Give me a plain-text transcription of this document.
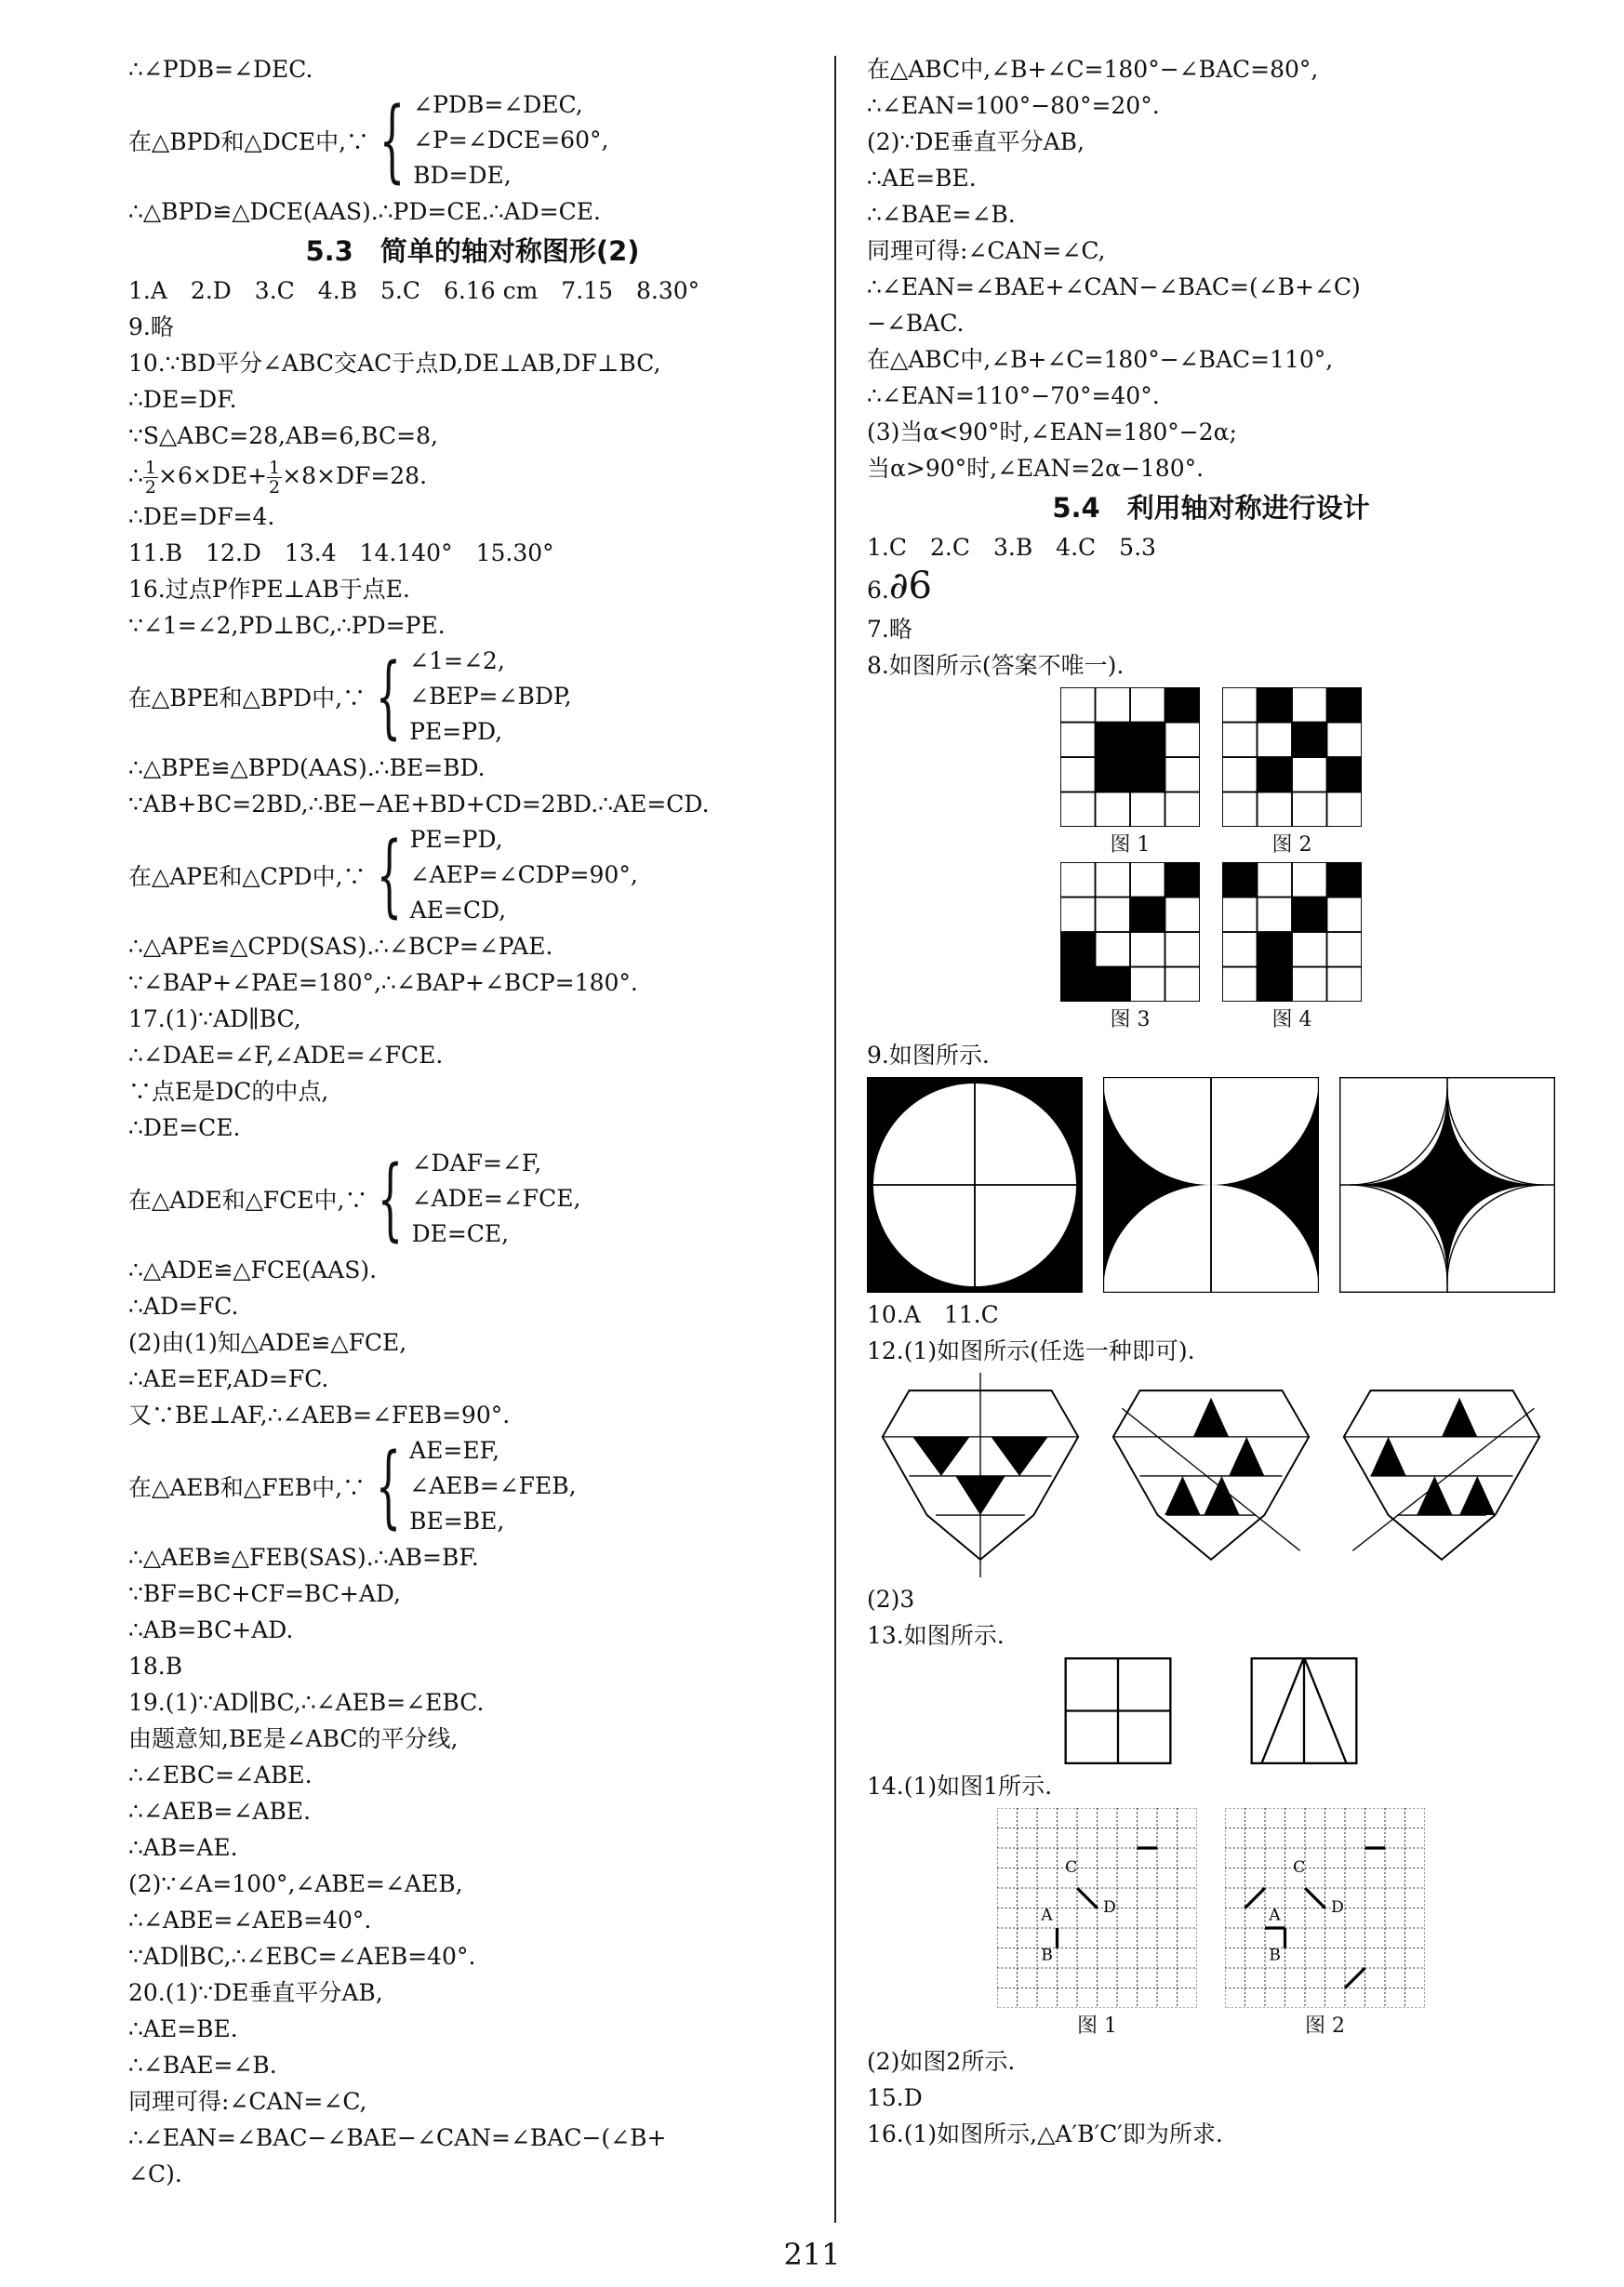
∴∠PDB=∠DEC.
在△BPD和△DCE中,∵ { ∠PDB=∠DEC,
∠P=∠DCE=60°,
BD=DE,
∴△BPD≌△DCE(AAS).∴PD=CE.∴AD=CE.
5.3　简单的轴对称图形(2)
1.A　2.D　3.C　4.B　5.C　6.16 cm　7.15　8.30°
9.略
10.∵BD平分∠ABC交AC于点D,DE⊥AB,DF⊥BC,
∴DE=DF.
∵S△ABC=28,AB=6,BC=8,
∴ $\frac{1}{2} \times 6\times DE+ \frac{1}{2} \times 8\times DF=28$.
∴DE=DF=4.
11.B　12.D　13.4　14.140°　15.30°
16.过点P作PE⊥AB于点E.
∵∠1=∠2,PD⊥BC,∴PD=PE.
在△BPE和△BPD中,∵ { ∠1=∠2,
∠BEP=∠BDP,
PE=PD,
∴△BPE≌△BPD(AAS).∴BE=BD.
∵AB+BC=2BD,∴BE−AE+BD+CD=2BD.∴AE=CD.
在△APE和△CPD中,∵ { PE=PD,
∠AEP=∠CDP=90°,
AE=CD,
∴△APE≌△CPD(SAS).∴∠BCP=∠PAE.
∵∠BAP+∠PAE=180°,∴∠BAP+∠BCP=180°.
17.(1)∵AD∥BC,
∴∠DAE=∠F,∠ADE=∠FCE.
∵点E是DC的中点,
∴DE=CE.
在△ADE和△FCE中,∵ { ∠DAF=∠F,
∠ADE=∠FCE,
DE=CE,
∴△ADE≌△FCE(AAS).
∴AD=FC.
(2)由(1)知△ADE≌△FCE,
∴AE=EF,AD=FC.
又∵BE⊥AF,∴∠AEB=∠FEB=90°.
在△AEB和△FEB中,∵ { AE=EF,
∠AEB=∠FEB,
BE=BE,
∴△AEB≌△FEB(SAS).∴AB=BF.
∵BF=BC+CF=BC+AD,
∴AB=BC+AD.
18.B
19.(1)∵AD∥BC,∴∠AEB=∠EBC.
由题意知,BE是∠ABC的平分线,
∴∠EBC=∠ABE.
∴∠AEB=∠ABE.
∴AB=AE.
(2)∵∠A=100°,∠ABE=∠AEB,
∴∠ABE=∠AEB=40°.
∵AD∥BC,∴∠EBC=∠AEB=40°.
20.(1)∵DE垂直平分AB,
∴AE=BE.
∴∠BAE=∠B.
同理可得:∠CAN=∠C,
∴∠EAN=∠BAC−∠BAE−∠CAN=∠BAC−(∠B+
∠C).
在△ABC中,∠B+∠C=180°−∠BAC=80°,
∴∠EAN=100°−80°=20°.
(2)∵DE垂直平分AB,
∴AE=BE.
∴∠BAE=∠B.
同理可得:∠CAN=∠C,
∴∠EAN=∠BAE+∠CAN−∠BAC=(∠B+∠C)
−∠BAC.
在△ABC中,∠B+∠C=180°−∠BAC=110°,
∴∠EAN=110°−70°=40°.
(3)当α<90°时,∠EAN=180°−2α;
当α>90°时,∠EAN=2α−180°.
5.4　利用轴对称进行设计
1.C　2.C　3.B　4.C　5.3
6.∂6
7.略
8.如图所示(答案不唯一).
图 1	图 2
图 3	图 4
9.如图所示.
10.A　11.C
12.(1)如图所示(任选一种即可).
(2)3
13.如图所示.
14.(1)如图1所示.
图 1	图 2
(2)如图2所示.
15.D
16.(1)如图所示,△A′B′C′即为所求.
211
